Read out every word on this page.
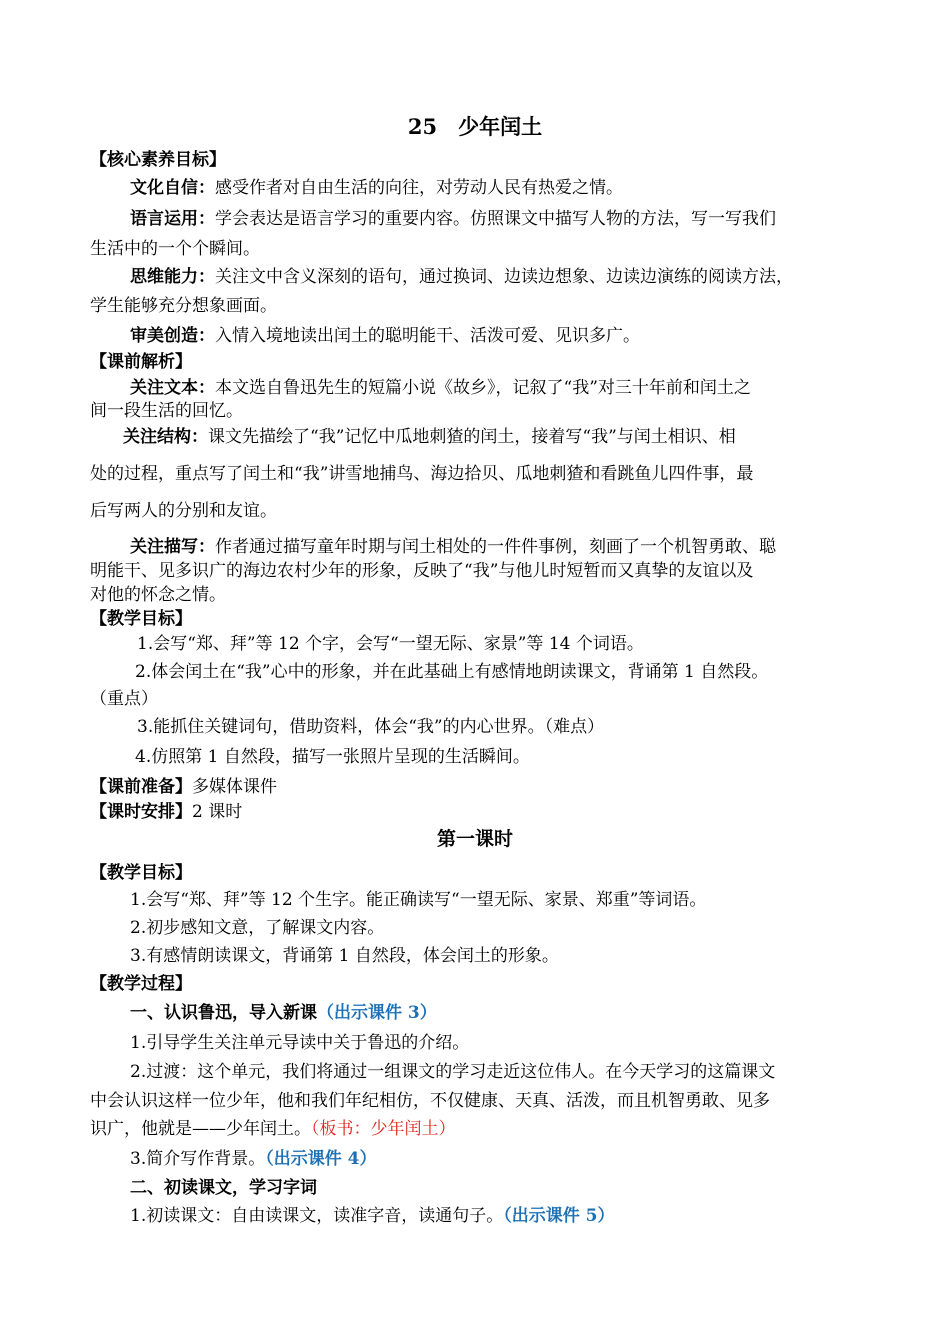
25　少年闰土
【核心素养目标】
文化自信：感受作者对自由生活的向往，对劳动人民有热爱之情。
语言运用：学会表达是语言学习的重要内容。仿照课文中描写人物的方法，写一写我们
生活中的一个个瞬间。
思维能力：关注文中含义深刻的语句，通过换词、边读边想象、边读边演练的阅读方法，
学生能够充分想象画面。
审美创造：入情入境地读出闰土的聪明能干、活泼可爱、见识多广。
【课前解析】
关注文本：本文选自鲁迅先生的短篇小说《故乡》，记叙了“我”对三十年前和闰土之
间一段生活的回忆。
关注结构：课文先描绘了“我”记忆中瓜地刺猹的闰土，接着写“我”与闰土相识、相
处的过程，重点写了闰土和“我”讲雪地捕鸟、海边拾贝、瓜地刺猹和看跳鱼儿四件事，最
后写两人的分别和友谊。
关注描写：作者通过描写童年时期与闰土相处的一件件事例，刻画了一个机智勇敢、聪
明能干、见多识广的海边农村少年的形象，反映了“我”与他儿时短暂而又真挚的友谊以及
对他的怀念之情。
【教学目标】
1.会写“郑、拜”等 12 个字，会写“一望无际、家景”等 14 个词语。
2.体会闰土在“我”心中的形象，并在此基础上有感情地朗读课文，背诵第 1 自然段。
（重点）
3.能抓住关键词句，借助资料，体会“我”的内心世界。（难点）
4.仿照第 1 自然段，描写一张照片呈现的生活瞬间。
【课前准备】多媒体课件
【课时安排】2 课时
第一课时
【教学目标】
1.会写“郑、拜”等 12 个生字。能正确读写“一望无际、家景、郑重”等词语。
2.初步感知文意，了解课文内容。
3.有感情朗读课文，背诵第 1 自然段，体会闰土的形象。
【教学过程】
一、认识鲁迅，导入新课（出示课件 3）
1.引导学生关注单元导读中关于鲁迅的介绍。
2.过渡：这个单元，我们将通过一组课文的学习走近这位伟人。在今天学习的这篇课文
中会认识这样一位少年，他和我们年纪相仿，不仅健康、天真、活泼，而且机智勇敢、见多
识广，他就是——少年闰土。（板书：少年闰土）
3.简介写作背景。（出示课件 4）
二、初读课文，学习字词
1.初读课文：自由读课文，读准字音，读通句子。（出示课件 5）
